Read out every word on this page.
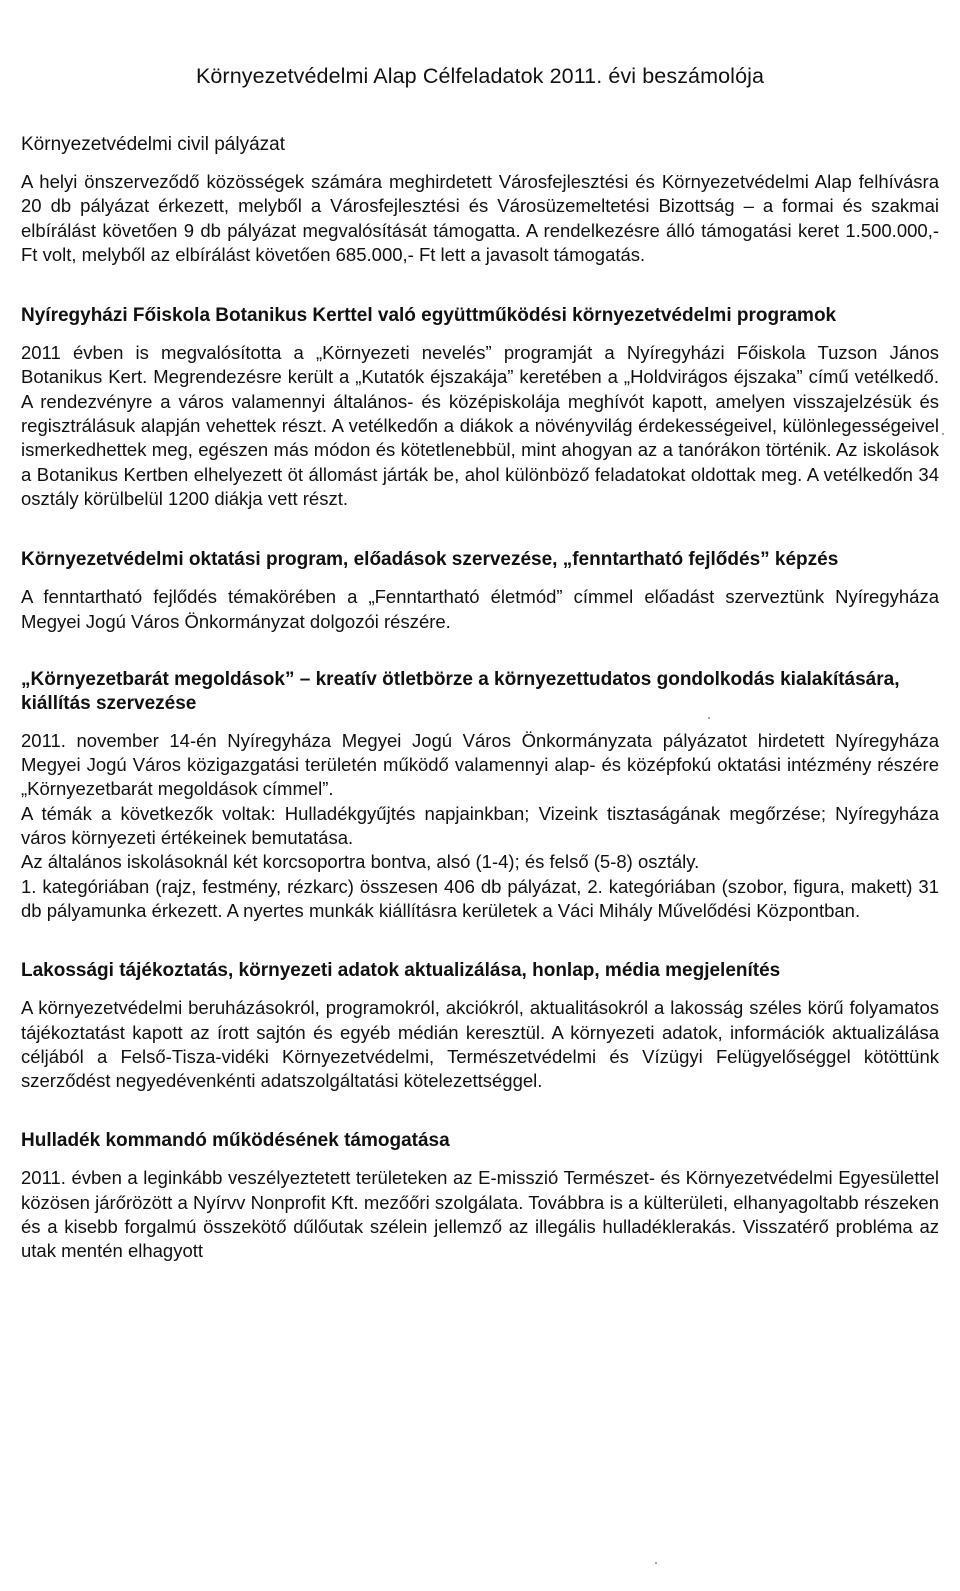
Környezetvédelmi Alap Célfeladatok 2011. évi beszámolója
Környezetvédelmi civil pályázat

A helyi önszerveződő közösségek számára meghirdetett Városfejlesztési és Környezetvédelmi Alap felhívásra 20 db pályázat érkezett, melyből a Városfejlesztési és Városüzemeltetési Bizottság – a formai és szakmai elbírálást követően 9 db pályázat megvalósítását támogatta. A rendelkezésre álló támogatási keret 1.500.000,- Ft volt, melyből az elbírálást követően 685.000,- Ft lett a javasolt támogatás.

Nyíregyházi Főiskola Botanikus Kerttel való együttműködési környezetvédelmi programok

2011 évben is megvalósította a „Környezeti nevelés” programját a Nyíregyházi Főiskola Tuzson János Botanikus Kert. Megrendezésre került a „Kutatók éjszakája” keretében a „Holdvirágos éjszaka” című vetélkedő. A rendezvényre a város valamennyi általános- és középiskolája meghívót kapott, amelyen visszajelzésük és regisztrálásuk alapján vehettek részt. A vetélkedőn a diákok a növényvilág érdekességeivel, különlegességeivel ismerkedhettek meg, egészen más módon és kötetlenebbül, mint ahogyan az a tanórákon történik. Az iskolások a Botanikus Kertben elhelyezett öt állomást járták be, ahol különböző feladatokat oldottak meg. A vetélkedőn 34 osztály körülbelül 1200 diákja vett részt.

Környezetvédelmi oktatási program, előadások szervezése, „fenntartható fejlődés” képzés

A fenntartható fejlődés témakörében a „Fenntartható életmód” címmel előadást szerveztünk Nyíregyháza Megyei Jogú Város Önkormányzat dolgozói részére.

„Környezetbarát megoldások” – kreatív ötletbörze a környezettudatos gondolkodás kialakítására, kiállítás szervezése

2011. november 14-én Nyíregyháza Megyei Jogú Város Önkormányzata pályázatot hirdetett Nyíregyháza Megyei Jogú Város közigazgatási területén működő valamennyi alap- és középfokú oktatási intézmény részére „Környezetbarát megoldások címmel”.

A témák a következők voltak: Hulladékgyűjtés napjainkban; Vizeink tisztaságának megőrzése; Nyíregyháza város környezeti értékeinek bemutatása.

Az általános iskolásoknál két korcsoportra bontva, alsó (1-4); és felső (5-8) osztály.

1. kategóriában (rajz, festmény, rézkarc) összesen 406 db pályázat, 2. kategóriában (szobor, figura, makett) 31 db pályamunka érkezett. A nyertes munkák kiállításra kerületek a Váci Mihály Művelődési Központban.

Lakossági tájékoztatás, környezeti adatok aktualizálása, honlap, média megjelenítés

A környezetvédelmi beruházásokról, programokról, akciókról, aktualitásokról a lakosság széles körű folyamatos tájékoztatást kapott az írott sajtón és egyéb médián keresztül. A környezeti adatok, információk aktualizálása céljából a Felső-Tisza-vidéki Környezetvédelmi, Természetvédelmi és Vízügyi Felügyelőséggel kötöttünk szerződést negyedévenkénti adatszolgáltatási kötelezettséggel.

Hulladék kommandó működésének támogatása

2011. évben a leginkább veszélyeztetett területeken az E-misszió Természet- és Környezetvédelmi Egyesülettel közösen járőrözött a Nyírvv Nonprofit Kft. mezőőri szolgálata. Továbbra is a külterületi, elhanyagoltabb részeken és a kisebb forgalmú összekötő dűlőutak szélein jellemző az illegális hulladéklerakás. Visszatérő probléma az utak mentén elhagyott
